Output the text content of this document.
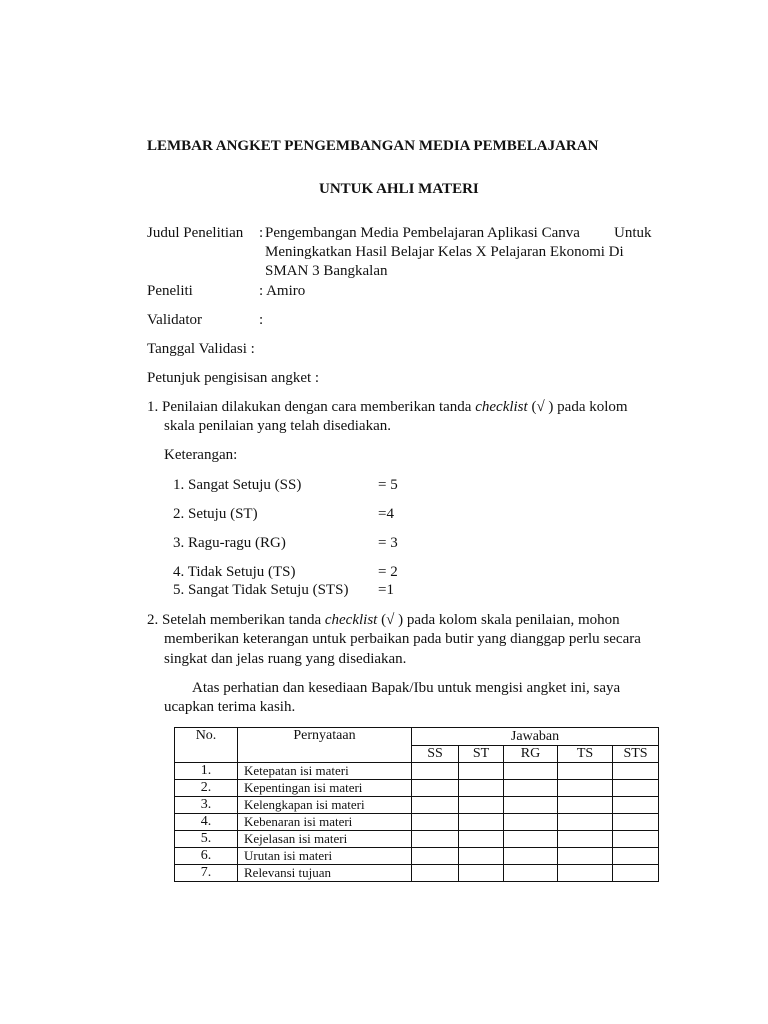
LEMBAR ANGKET PENGEMBANGAN MEDIA PEMBELAJARAN
UNTUK AHLI MATERI
Judul Penelitian : Pengembangan Media Pembelajaran Aplikasi Canva Untuk
Meningkatkan Hasil Belajar Kelas X Pelajaran Ekonomi Di
SMAN 3 Bangkalan
Peneliti	: Amiro
Validator	:
Tanggal Validasi :
Petunjuk pengisisan angket :
1. Penilaian dilakukan dengan cara memberikan tanda checklist (√ ) pada kolom
skala penilaian yang telah disediakan.
Keterangan:
1. Sangat Setuju (SS)	= 5
2. Setuju (ST)	=4
3. Ragu-ragu (RG)	= 3
4. Tidak Setuju (TS)	= 2
5. Sangat Tidak Setuju (STS) =1
2. Setelah memberikan tanda checklist (√ ) pada kolom skala penilaian, mohon
memberikan keterangan untuk perbaikan pada butir yang dianggap perlu secara
singkat dan jelas ruang yang disediakan.
Atas perhatian dan kesediaan Bapak/Ibu untuk mengisi angket ini, saya
ucapkan terima kasih.
No.	Pernyataan	Jawaban				
		SS	ST	RG	TS	STS
1.	Ketepatan isi materi					
2.	Kepentingan isi materi					
3.	Kelengkapan isi materi					
4.	Kebenaran isi materi					
5.	Kejelasan isi materi					
6.	Urutan isi materi					
7.	Relevansi tujuan					
